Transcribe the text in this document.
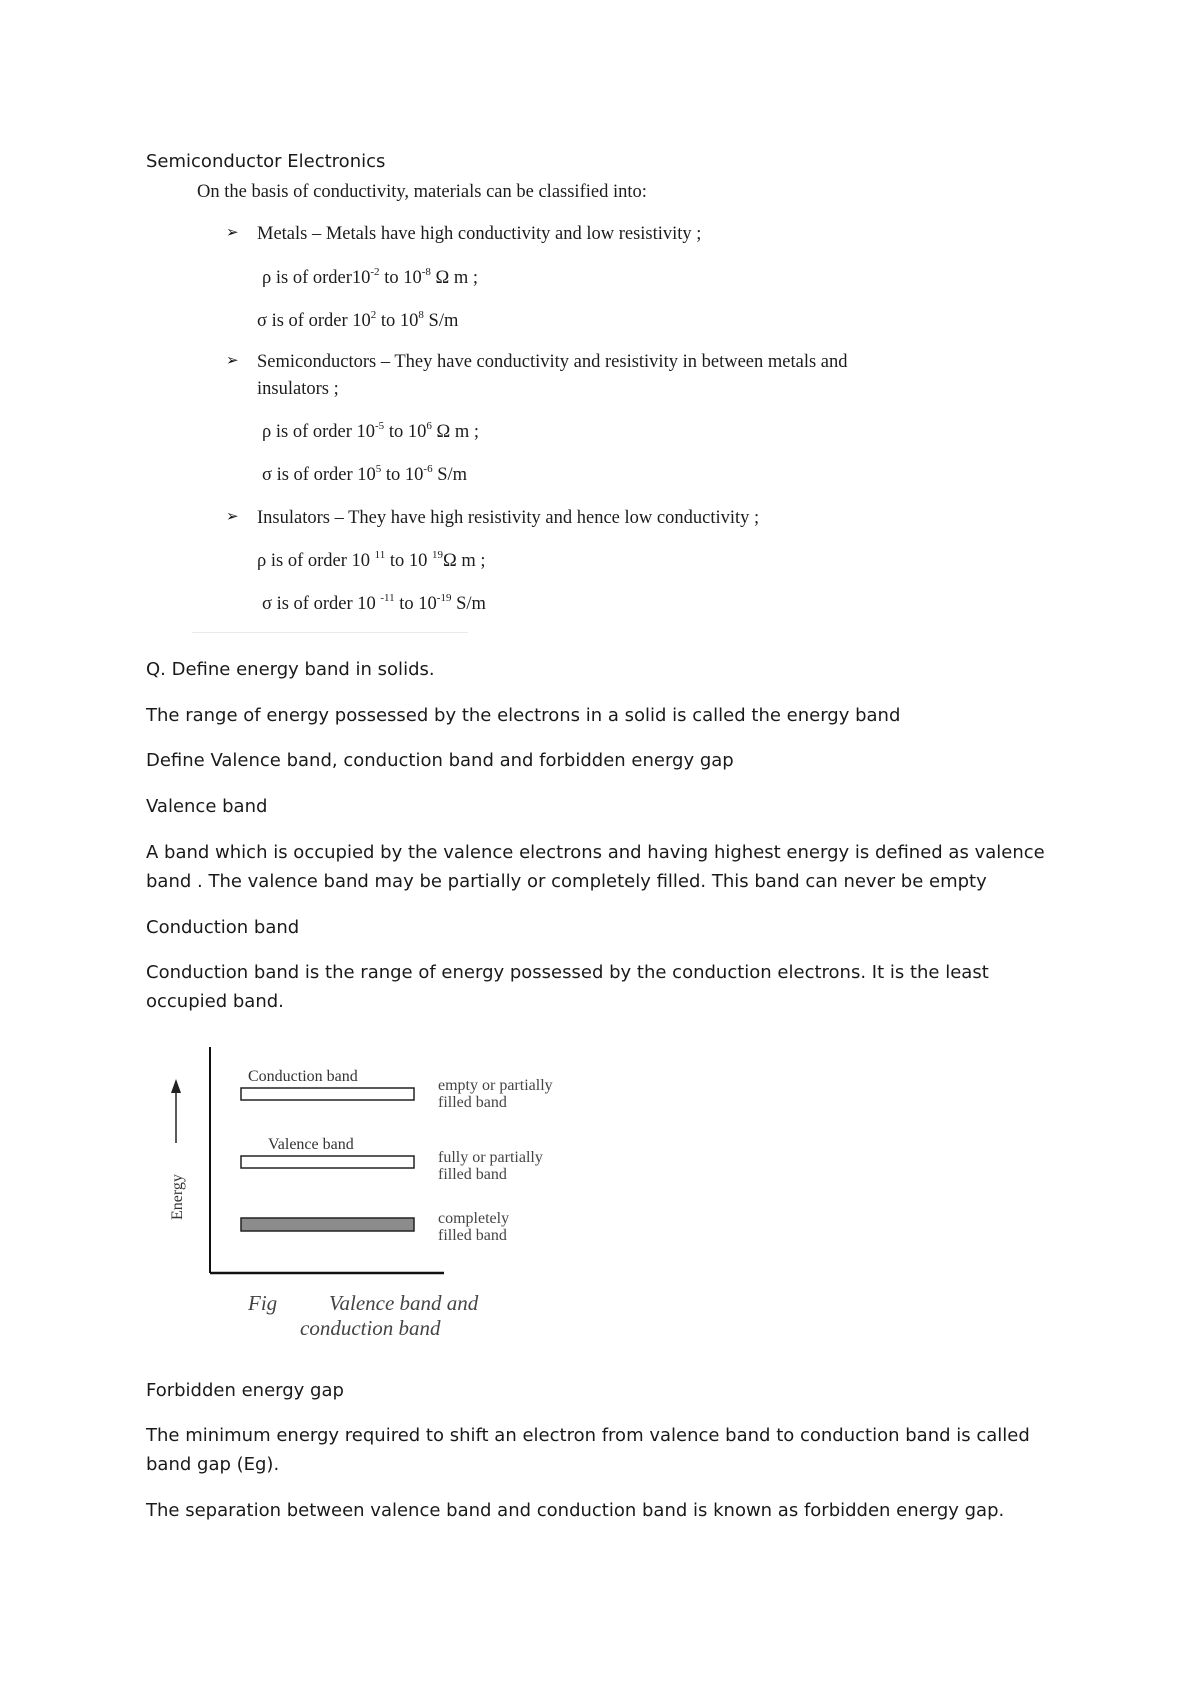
Semiconductor Electronics
On the basis of conductivity, materials can be classified into:
➢ Metals – Metals have high conductivity and low resistivity ;
ρ is of $order10^{-2}$ to $10^{-8}$ Ω m ;
σ is of order $10^2$ to $10^8$ S/m
➢ Semiconductors – They have conductivity and resistivity in between metals and
insulators ;
ρ is of order $10^{-5}$ to $10^6$ Ω m ;
σ is of order $10^5$ to $10^{-6}$ S/m
➢ Insulators – They have high resistivity and hence low conductivity ;
ρ is of order 10 $^{11}$ to 10 $^{19}$Ω m ;
σ is of order 10 $^{-11}$ to $10^{-19}$ S/m
Q. Define energy band in solids.
The range of energy possessed by the electrons in a solid is called the energy band
Define Valence band, conduction band and forbidden energy gap
Valence band
A band which is occupied by the valence electrons and having highest energy is defined as valence
band . The valence band may be partially or completely filled. This band can never be empty
Conduction band
Conduction band is the range of energy possessed by the conduction electrons. It is the least
occupied band.
Energy
Conduction band
Valence band
empty or partially
filled band
fully or partially
filled band
completely
filled band
Fig Valence band and
conduction band
Forbidden energy gap
The minimum energy required to shift an electron from valence band to conduction band is called
band gap (Eg).
The separation between valence band and conduction band is known as forbidden energy gap.
